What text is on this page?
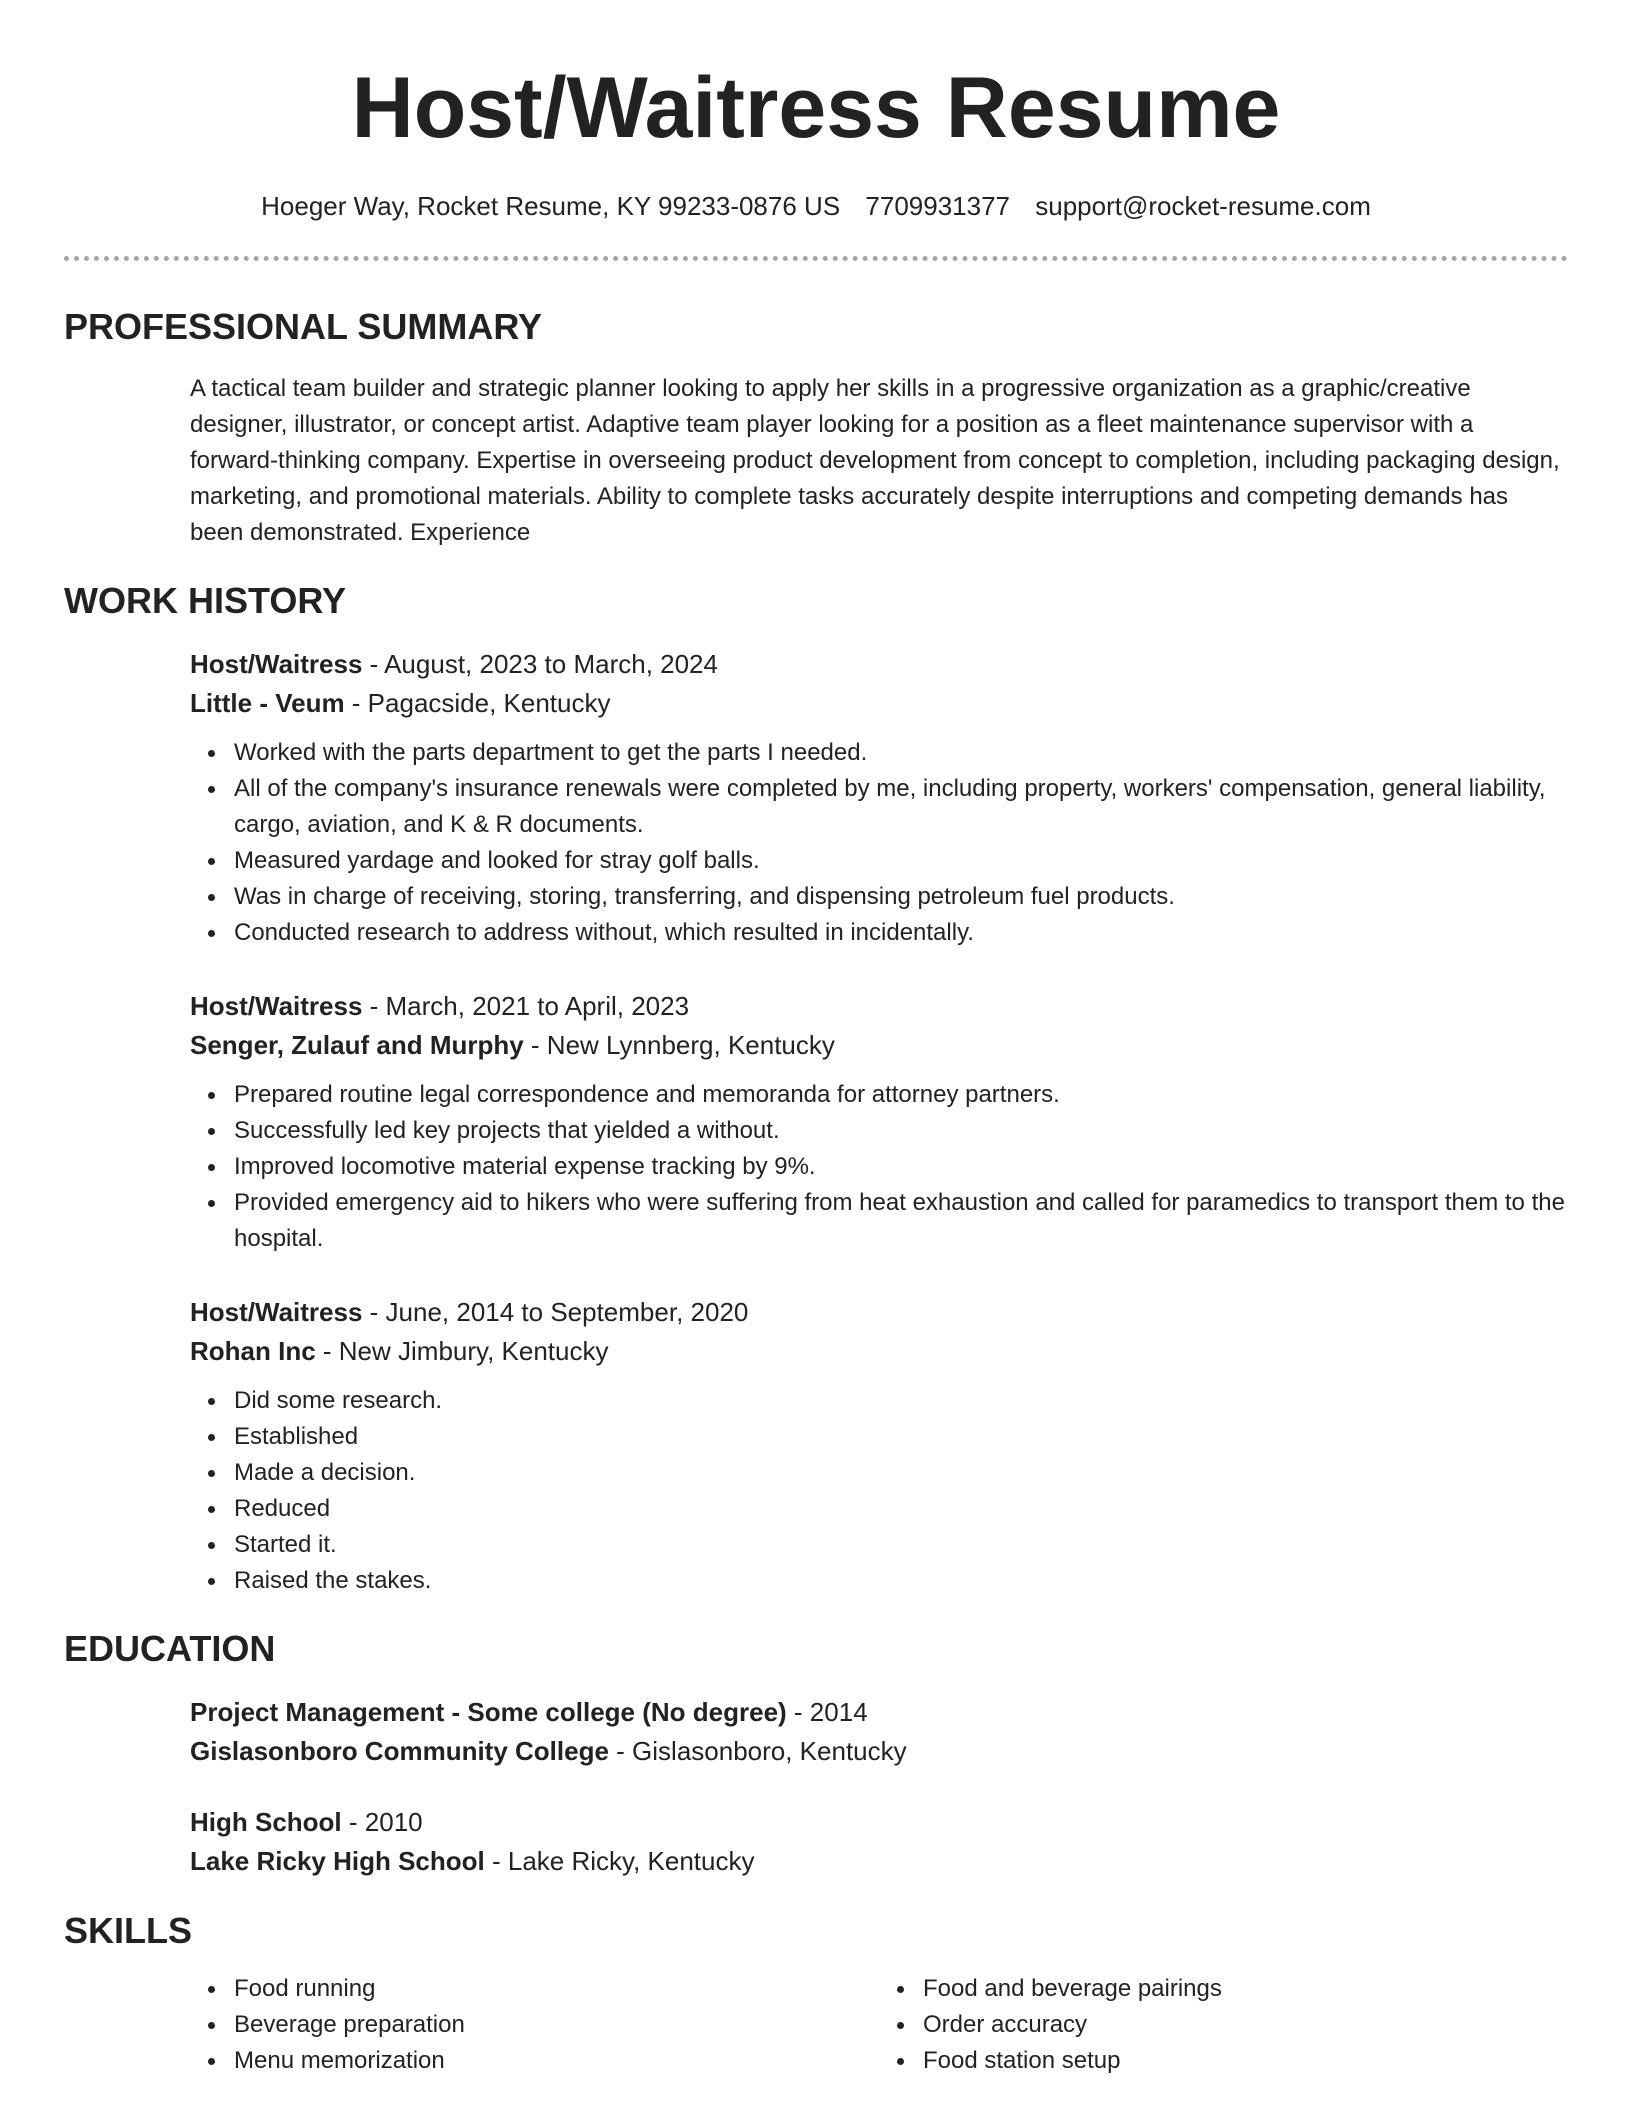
Host/Waitress Resume
Hoeger Way, Rocket Resume, KY 99233-0876 US 7709931377 support@rocket-resume.com
PROFESSIONAL SUMMARY

A tactical team builder and strategic planner looking to apply her skills in a progressive organization as a graphic/creative designer, illustrator, or concept artist. Adaptive team player looking for a position as a fleet maintenance supervisor with a forward-thinking company. Expertise in overseeing product development from concept to completion, including packaging design, marketing, and promotional materials. Ability to complete tasks accurately despite interruptions and competing demands has been demonstrated. Experience

WORK HISTORY
Host/Waitress - August, 2023 to March, 2024
Little - Veum - Pagacside, Kentucky
Worked with the parts department to get the parts I needed.
All of the company's insurance renewals were completed by me, including property, workers' compensation, general liability, cargo, aviation, and K & R documents.
Measured yardage and looked for stray golf balls.
Was in charge of receiving, storing, transferring, and dispensing petroleum fuel products.
Conducted research to address without, which resulted in incidentally.
Host/Waitress - March, 2021 to April, 2023
Senger, Zulauf and Murphy - New Lynnberg, Kentucky
Prepared routine legal correspondence and memoranda for attorney partners.
Successfully led key projects that yielded a without.
Improved locomotive material expense tracking by 9%.
Provided emergency aid to hikers who were suffering from heat exhaustion and called for paramedics to transport them to the hospital.
Host/Waitress - June, 2014 to September, 2020
Rohan Inc - New Jimbury, Kentucky
Did some research.
Established
Made a decision.
Reduced
Started it.
Raised the stakes.
EDUCATION
Project Management - Some college (No degree) - 2014
Gislasonboro Community College - Gislasonboro, Kentucky
High School - 2010
Lake Ricky High School - Lake Ricky, Kentucky
SKILLS
Food running
Beverage preparation
Menu memorization
Food and beverage pairings
Order accuracy
Food station setup
